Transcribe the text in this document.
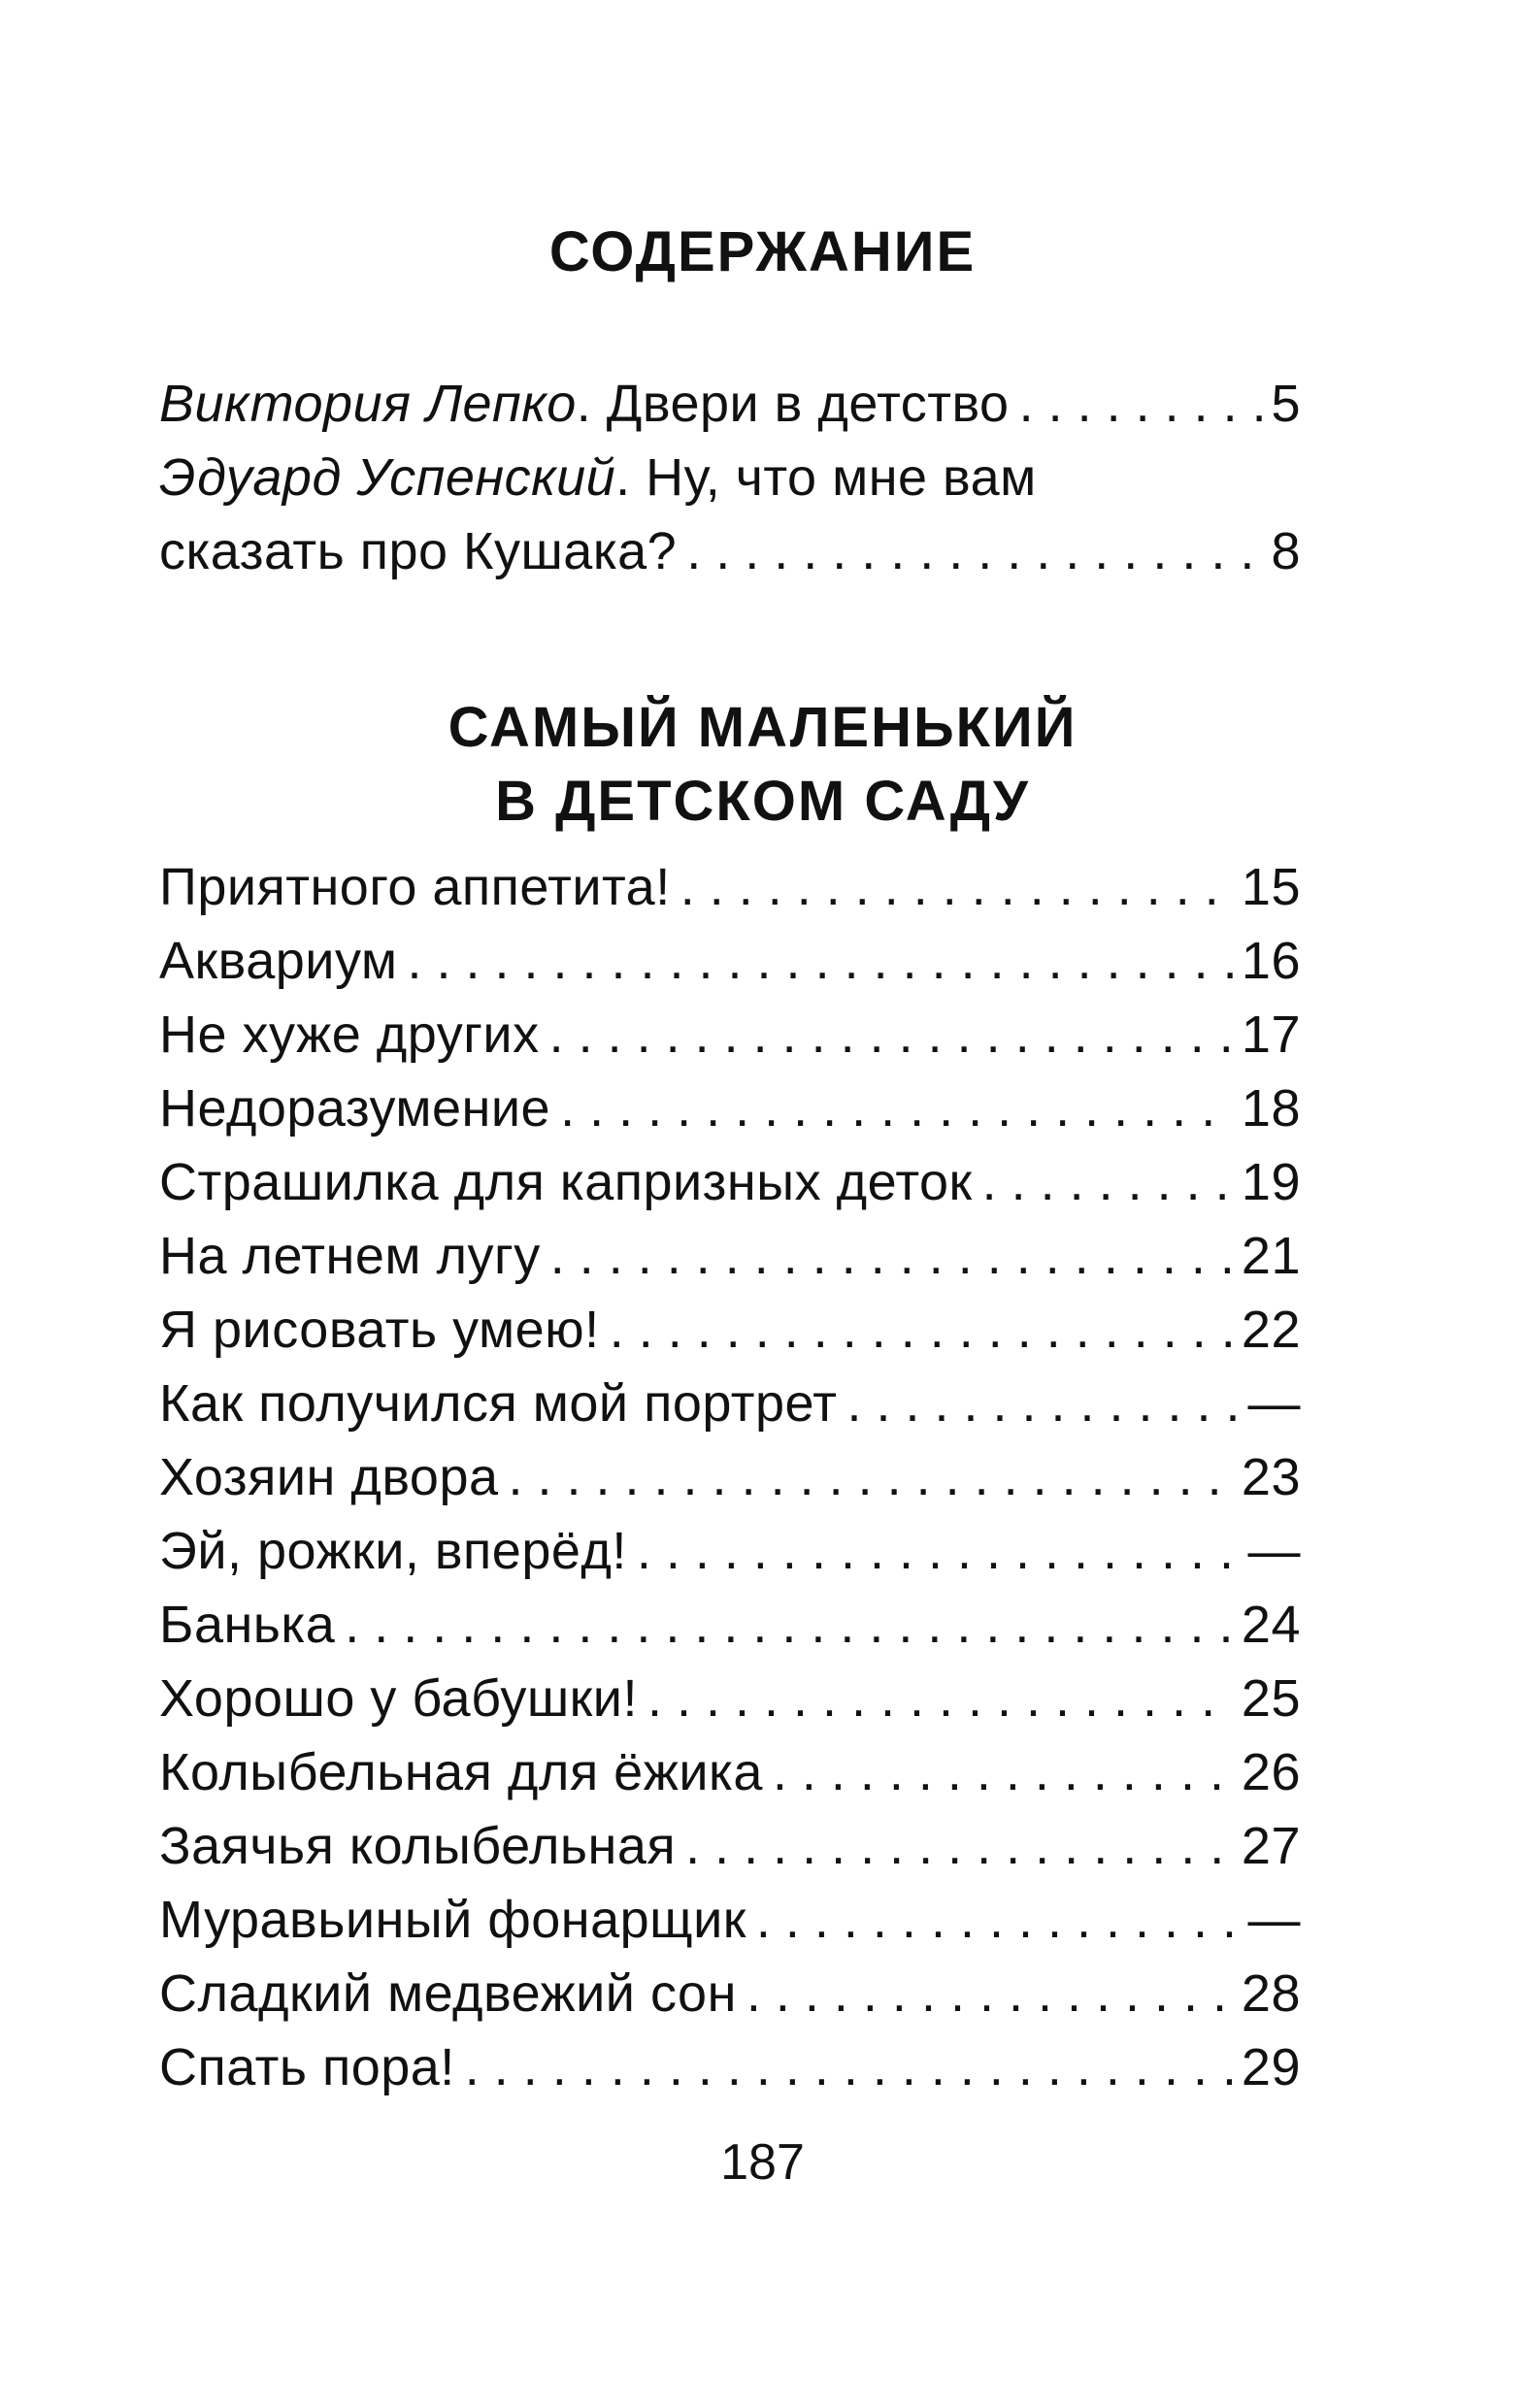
СОДЕРЖАНИЕ
Виктория Лепко. Двери в детство . . .	5
Эдуард Успенский. Ну, что мне вам
сказать про Кушака? . . .	8
САМЫЙ МАЛЕНЬКИЙ
В ДЕТСКОМ САДУ
Приятного аппетита! . . .	15
Аквариум . . .	16
Не хуже других . . .	17
Недоразумение . . .	18
Страшилка для капризных деток . . .	19
На летнем лугу . . .	21
Я рисовать умею! . . .	22
Как получился мой портрет . . .	—
Хозяин двора . . .	23
Эй, рожки, вперёд! . . .	—
Банька . . .	24
Хорошо у бабушки! . . .	25
Колыбельная для ёжика . . .	26
Заячья колыбельная . . .	27
Муравьиный фонарщик . . .	—
Сладкий медвежий сон . . .	28
Спать пора! . . .	29
187
